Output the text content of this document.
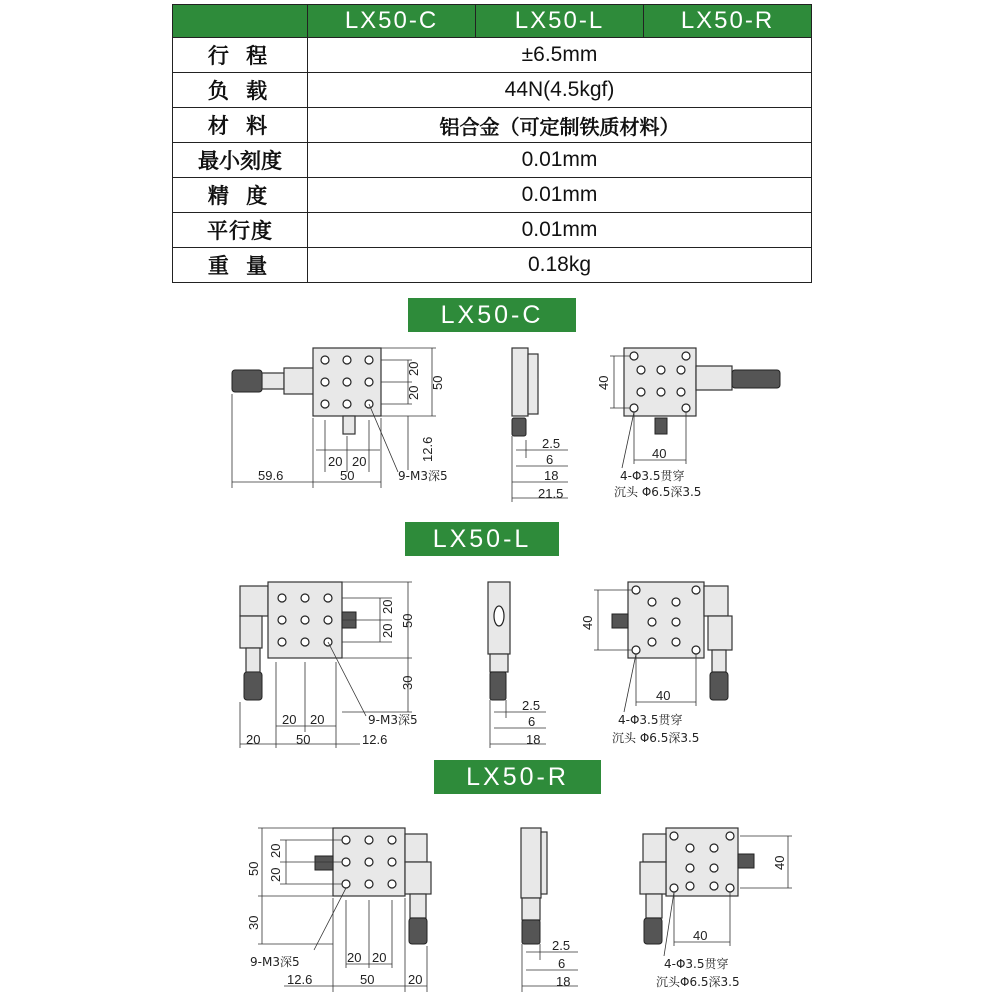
	LX50-C	LX50-L	LX50-R
行 程	±6.5mm		
负 载	44N(4.5kgf)		
材 料	铝合金（可定制铁质材料）		
最小刻度	0.01mm		
精 度	0.01mm		
平行度	0.01mm		
重 量	0.18kg		
LX50-C
20
20
50
12.6
20 20
59.6	50	9-M3深5
2.5
6
18
21.5
40
40
4-Φ3.5贯穿
沉头 Φ6.5深3.5
LX50-L
20
20
50
30
20 20
20	50	12.6
9-M3深5
2.5
6
18
40
40
4-Φ3.5贯穿
沉头 Φ6.5深3.5
LX50-R
50
20
20
30
9-M3深5	20 20
12.6	50	20
2.5
6
18
40
40
4-Φ3.5贯穿
沉头Φ6.5深3.5
